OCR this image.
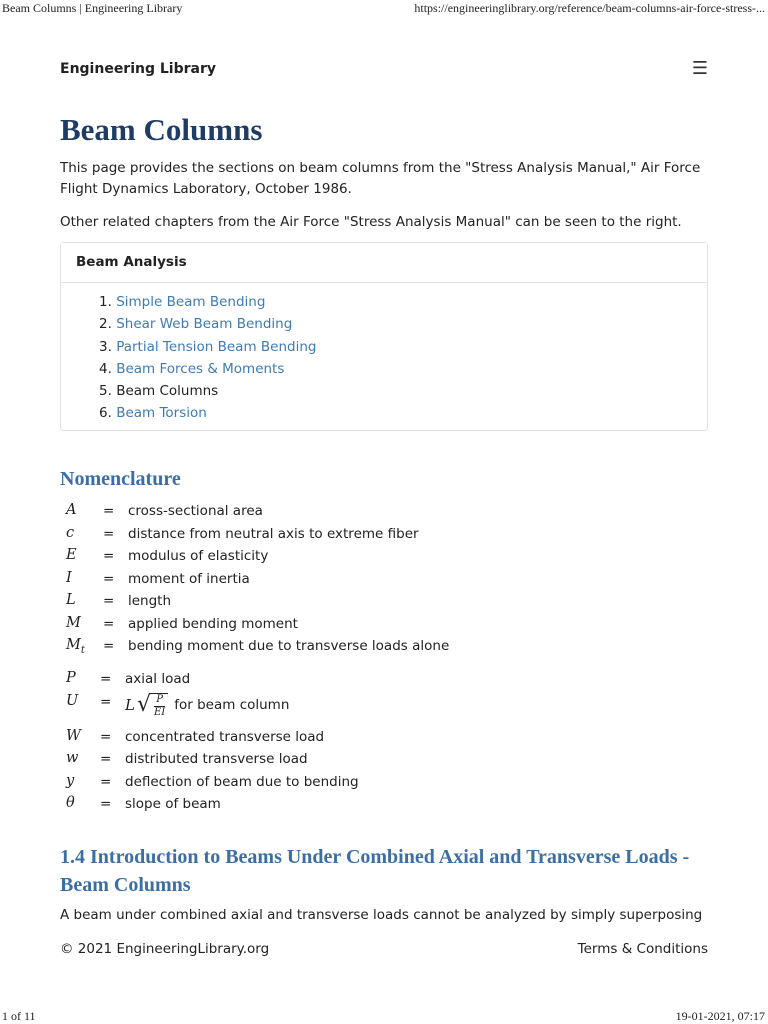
Beam Columns | Engineering Library	https://engineeringlibrary.org/reference/beam-columns-air-force-stress-...
Engineering Library	☰
Beam Columns

This page provides the sections on beam columns from the "Stress Analysis Manual," Air Force Flight Dynamics Laboratory, October 1986.

Other related chapters from the Air Force "Stress Analysis Manual" can be seen to the right.

Beam Analysis
1. Simple Beam Bending
2. Shear Web Beam Bending
3. Partial Tension Beam Bending
4. Beam Forces & Moments
5. Beam Columns
6. Beam Torsion
Nomenclature
A = cross-sectional area
c = distance from neutral axis to extreme fiber
E = modulus of elasticity
I = moment of inertia
L = length
M = applied bending moment
$M_t$ = bending moment due to transverse loads alone
P = axial load
U = L √ $\frac{P}{EI}$ for beam column
W = concentrated transverse load
w = distributed transverse load
y = deflection of beam due to bending
θ = slope of beam
1.4 Introduction to Beams Under Combined Axial and Transverse Loads - Beam Columns

A beam under combined axial and transverse loads cannot be analyzed by simply superposing

© 2021 EngineeringLibrary.org	Terms & Conditions
1 of 11	19-01-2021, 07:17
